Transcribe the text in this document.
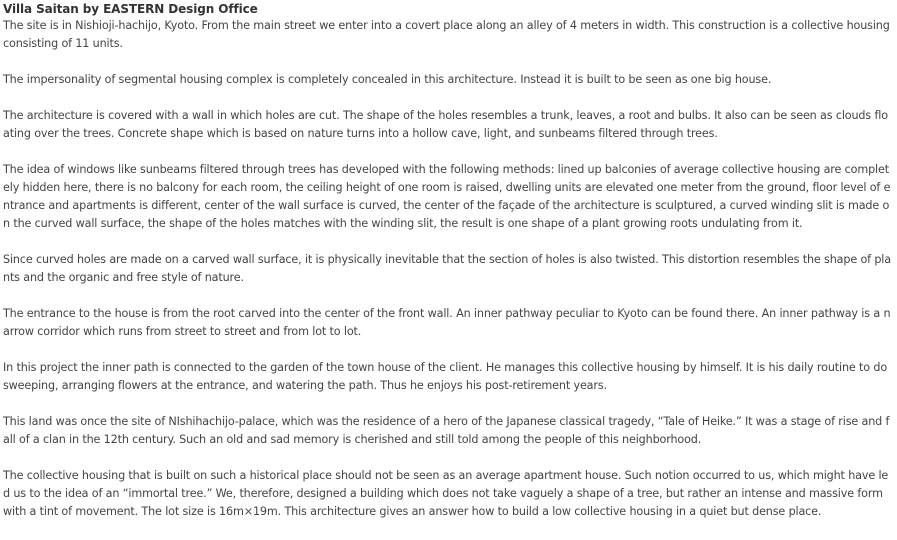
Villa Saitan by EASTERN Design Office

The site is in Nishioji-hachijo, Kyoto. From the main street we enter into a covert place along an alley of 4 meters in width. This construction is a collective housing consisting of 11 units.

The impersonality of segmental housing complex is completely concealed in this architecture. Instead it is built to be seen as one big house.

The architecture is covered with a wall in which holes are cut. The shape of the holes resembles a trunk, leaves, a root and bulbs. It also can be seen as clouds floating over the trees. Concrete shape which is based on nature turns into a hollow cave, light, and sunbeams filtered through trees.

The idea of windows like sunbeams filtered through trees has developed with the following methods: lined up balconies of average collective housing are completely hidden here, there is no balcony for each room, the ceiling height of one room is raised, dwelling units are elevated one meter from the ground, floor level of entrance and apartments is different, center of the wall surface is curved, the center of the façade of the architecture is sculptured, a curved winding slit is made on the curved wall surface, the shape of the holes matches with the winding slit, the result is one shape of a plant growing roots undulating from it.

Since curved holes are made on a carved wall surface, it is physically inevitable that the section of holes is also twisted. This distortion resembles the shape of plants and the organic and free style of nature.

The entrance to the house is from the root carved into the center of the front wall. An inner pathway peculiar to Kyoto can be found there. An inner pathway is a narrow corridor which runs from street to street and from lot to lot.

In this project the inner path is connected to the garden of the town house of the client. He manages this collective housing by himself. It is his daily routine to do sweeping, arranging flowers at the entrance, and watering the path. Thus he enjoys his post-retirement years.

This land was once the site of NIshihachijo-palace, which was the residence of a hero of the Japanese classical tragedy, “Tale of Heike.” It was a stage of rise and fall of a clan in the 12th century. Such an old and sad memory is cherished and still told among the people of this neighborhood.

The collective housing that is built on such a historical place should not be seen as an average apartment house. Such notion occurred to us, which might have led us to the idea of an “immortal tree.” We, therefore, designed a building which does not take vaguely a shape of a tree, but rather an intense and massive form with a tint of movement. The lot size is 16m×19m. This architecture gives an answer how to build a low collective housing in a quiet but dense place.
